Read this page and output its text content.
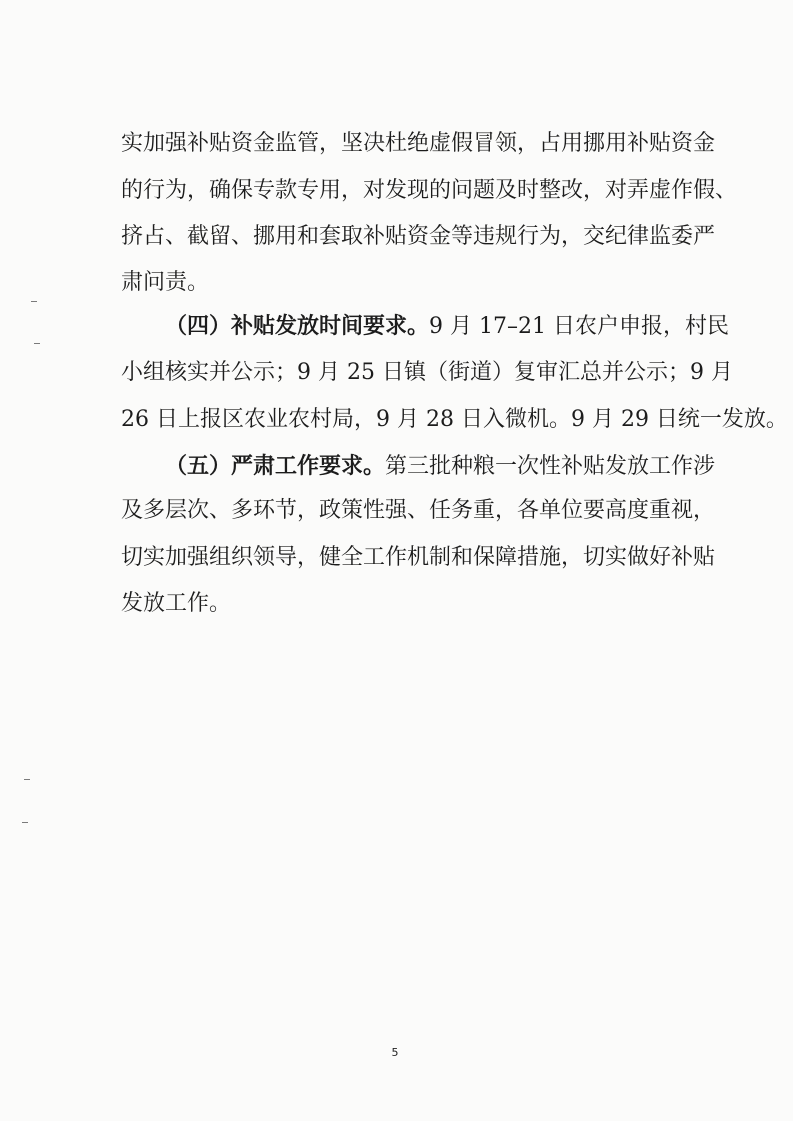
实加强补贴资金监管，坚决杜绝虚假冒领，占用挪用补贴资金
的行为，确保专款专用，对发现的问题及时整改，对弄虚作假、
挤占、截留、挪用和套取补贴资金等违规行为，交纪律监委严
肃问责。
（四）补贴发放时间要求。9 月 17–21 日农户申报，村民
小组核实并公示；9 月 25 日镇（街道）复审汇总并公示；9 月
26 日上报区农业农村局，9 月 28 日入微机。9 月 29 日统一发放。
（五）严肃工作要求。第三批种粮一次性补贴发放工作涉
及多层次、多环节，政策性强、任务重，各单位要高度重视，
切实加强组织领导，健全工作机制和保障措施，切实做好补贴
发放工作。
5
